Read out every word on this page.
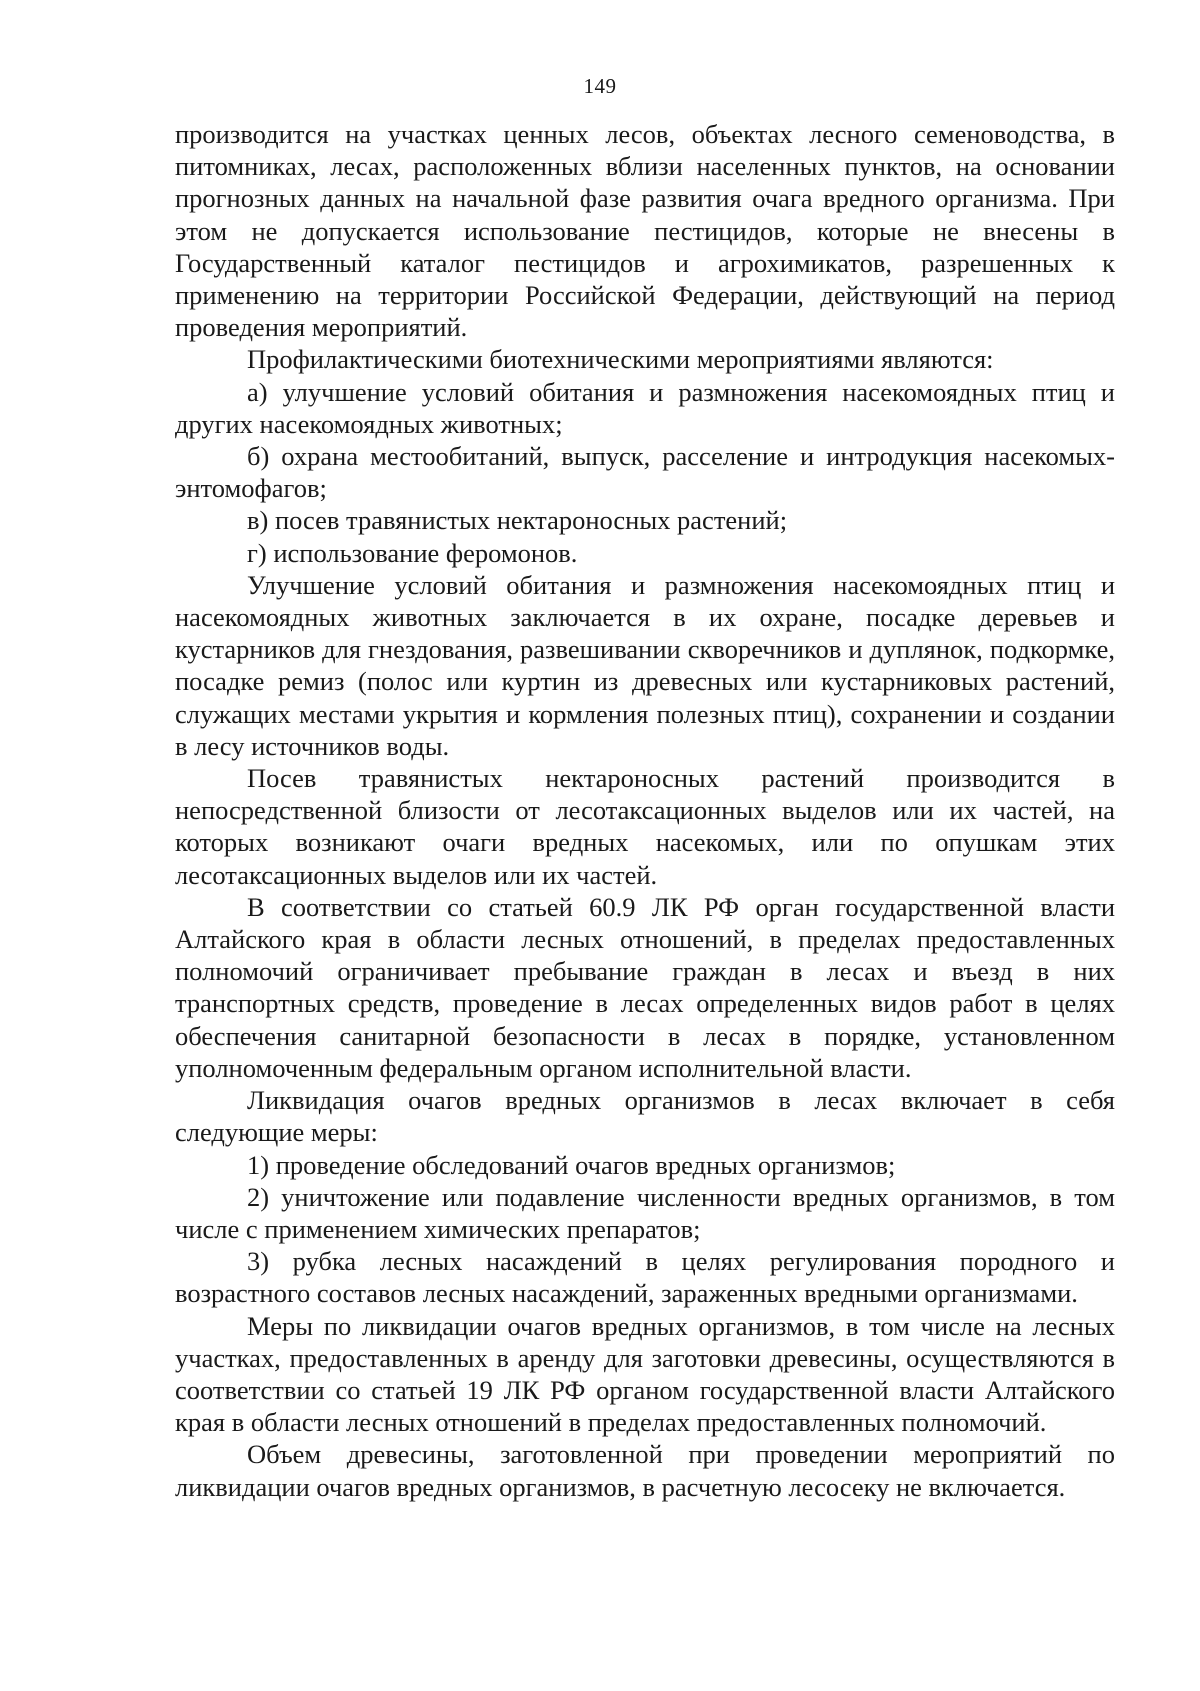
149

производится на участках ценных лесов, объектах лесного семеноводства, в питомниках, лесах, расположенных вблизи населенных пунктов, на основании прогнозных данных на начальной фазе развития очага вредного организма. При этом не допускается использование пестицидов, которые не внесены в Государственный каталог пестицидов и агрохимикатов, разрешенных к применению на территории Российской Федерации, действующий на период проведения мероприятий.

Профилактическими биотехническими мероприятиями являются:

а) улучшение условий обитания и размножения насекомоядных птиц и других насекомоядных животных;

б) охрана местообитаний, выпуск, расселение и интродукция насекомых-энтомофагов;

в) посев травянистых нектароносных растений;

г) использование феромонов.

Улучшение условий обитания и размножения насекомоядных птиц и насекомоядных животных заключается в их охране, посадке деревьев и кустарников для гнездования, развешивании скворечников и дуплянок, подкормке, посадке ремиз (полос или куртин из древесных или кустарниковых растений, служащих местами укрытия и кормления полезных птиц), сохранении и создании в лесу источников воды.

Посев травянистых нектароносных растений производится в непосредственной близости от лесотаксационных выделов или их частей, на которых возникают очаги вредных насекомых, или по опушкам этих лесотаксационных выделов или их частей.

В соответствии со статьей 60.9 ЛК РФ орган государственной власти Алтайского края в области лесных отношений, в пределах предоставленных полномочий ограничивает пребывание граждан в лесах и въезд в них транспортных средств, проведение в лесах определенных видов работ в целях обеспечения санитарной безопасности в лесах в порядке, установленном уполномоченным федеральным органом исполнительной власти.

Ликвидация очагов вредных организмов в лесах включает в себя следующие меры:

1) проведение обследований очагов вредных организмов;

2) уничтожение или подавление численности вредных организмов, в том числе с применением химических препаратов;

3) рубка лесных насаждений в целях регулирования породного и возрастного составов лесных насаждений, зараженных вредными организмами.

Меры по ликвидации очагов вредных организмов, в том числе на лесных участках, предоставленных в аренду для заготовки древесины, осуществляются в соответствии со статьей 19 ЛК РФ органом государственной власти Алтайского края в области лесных отношений в пределах предоставленных полномочий.

Объем древесины, заготовленной при проведении мероприятий по ликвидации очагов вредных организмов, в расчетную лесосеку не включается.
